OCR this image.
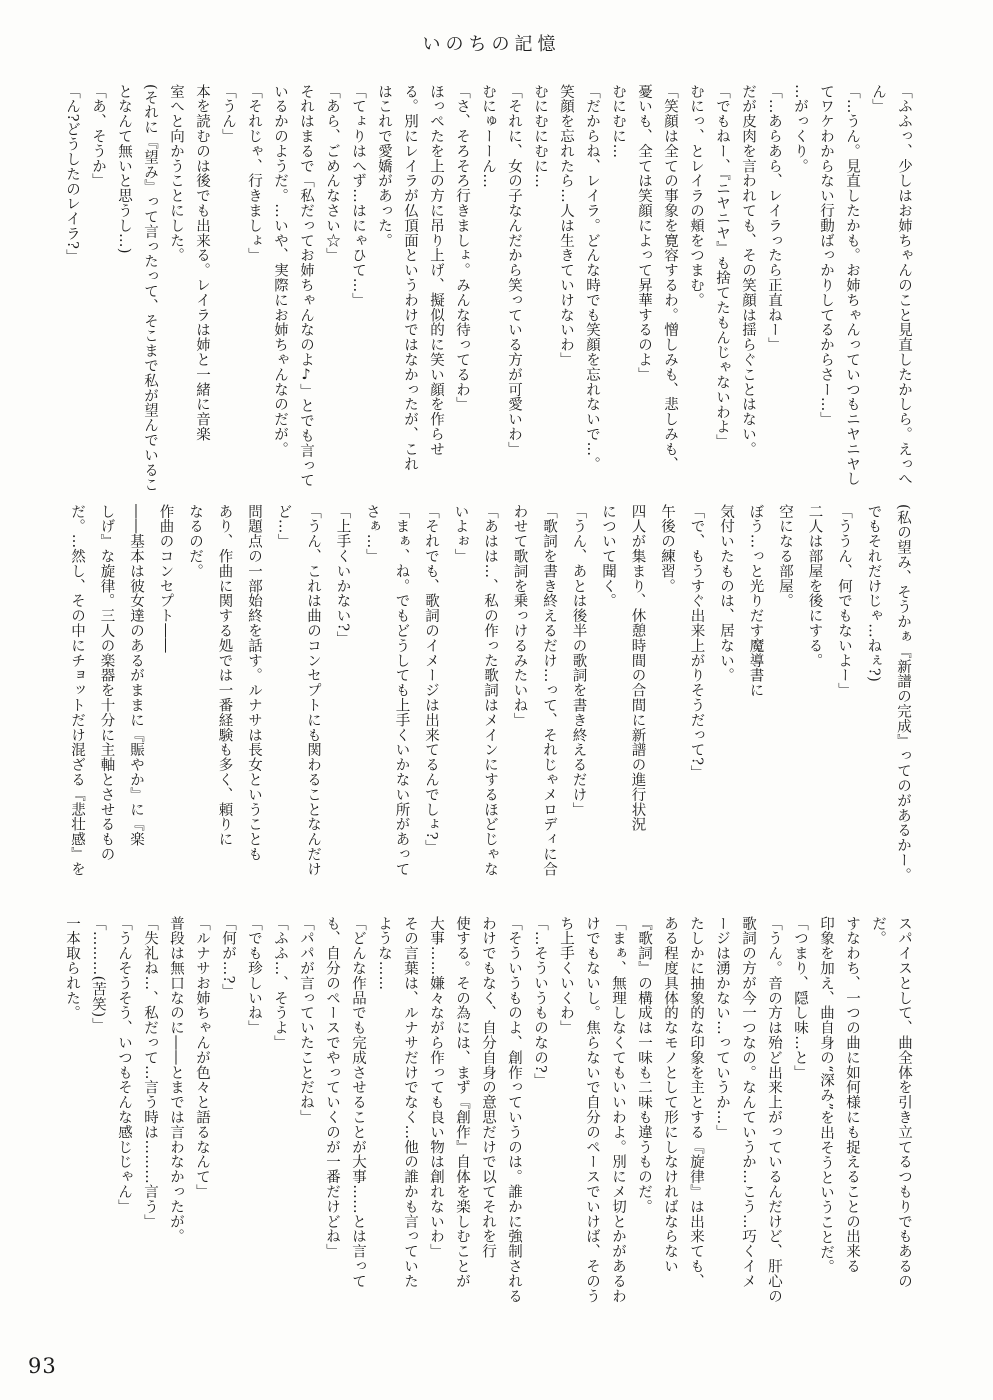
いのちの記憶

「ふふっ、少しはお姉ちゃんのこと見直したかしら。えっへ

ん」

「…うん。見直したかも。お姉ちゃんっていつもニヤニヤし

てワケわからない行動ばっかりしてるからさー…」

…がっくり。

「…あらあら、レイラったら正直ねー」

だが皮肉を言われても、その笑顔は揺らぐことはない。

「でもねー、『ニヤニヤ』も捨てたもんじゃないわよ」

むにっ、とレイラの頬をつまむ。

「笑顔は全ての事象を寛容するわ。憎しみも、悲しみも、

憂いも、全ては笑顔によって昇華するのよ」

むにむに…

「だからね、レイラ。どんな時でも笑顔を忘れないで…。

笑顔を忘れたら…人は生きていけないわ」

むにむにむに…

「それに、女の子なんだから笑っている方が可愛いわ」

むにゅーーん…

「さ、そろそろ行きましょ。みんな待ってるわ」

ほっぺたを上の方に吊り上げ、擬似的に笑い顔を作らせ

る。別にレイラが仏頂面というわけではなかったが、これ

はこれで愛嬌があった。

「てょりはへず…はにゃひて…」

「あら、ごめんなさい☆」

それはまるで「私だってお姉ちゃんなのよ♪」とでも言って

いるかのようだ。…いや、実際にお姉ちゃんなのだが。

「それじゃ、行きましょ」

「うん」

本を読むのは後でも出来る。レイラは姉と一緒に音楽

室へと向かうことにした。

(それに『望み』って言ったって、そこまで私が望んでいるこ

となんて無いと思うし…)

「あ、そうか」

「ん?どうしたのレイラ?」

(私の望み、そうかぁ『新譜の完成』ってのがあるかー。

でもそれだけじゃ…ねぇ?)

「ううん、何でもないよー」

二人は部屋を後にする。

空になる部屋。

ぼう…っと光りだす魔導書に

気付いたものは、居ない。

「で、もうすぐ出来上がりそうだって?」

午後の練習。

四人が集まり、休憩時間の合間に新譜の進行状況

について聞く。

「うん、あとは後半の歌詞を書き終えるだけ」

「歌詞を書き終えるだけ…って、それじゃメロディに合

わせて歌詞を乗っけるみたいね」

「あはは…、私の作った歌詞はメインにするほどじゃな

いよぉ」

「それでも、歌詞のイメージは出来てるんでしょ?」

「まぁ、ね。でもどうしても上手くいかない所があって

さぁ…」

「上手くいかない?」

「うん、これは曲のコンセプトにも関わることなんだけ

ど…」

問題点の一部始終を話す。ルナサは長女ということも

あり、作曲に関する処では一番経験も多く、頼りに

なるのだ。

作曲のコンセプト――

――基本は彼女達のあるがままに『賑やか』に『楽

しげ』な旋律。三人の楽器を十分に主軸とさせるもの

だ。…然し、その中にチョットだけ混ざる『悲壮感』を

スパイスとして、曲全体を引き立てるつもりでもあるの

だ。

すなわち、一つの曲に如何様にも捉えることの出来る

印象を加え、曲自身の“深み”を出そうということだ。

「つまり、隠し味…と」

「うん。音の方は殆ど出来上がっているんだけど、肝心の

歌詞の方が今一つなの。なんていうか…こう…巧くイメ

ージは湧かない…っていうか…」

たしかに抽象的な印象を主とする『旋律』は出来ても、

ある程度具体的なモノとして形にしなければならない

『歌詞』の構成は一味も二味も違うものだ。

「まぁ、無理しなくてもいいわよ。別にメ切とかがあるわ

けでもないし。焦らないで自分のペースでいけば、そのう

ち上手くいくわ」

「…そういうものなの?」

「そういうものよ、創作っていうのは。誰かに強制される

わけでもなく、自分自身の意思だけで以てそれを行

使する。その為には、まず『創作』自体を楽しむことが

大事……嫌々ながら作っても良い物は創れないわ」

その言葉は、ルナサだけでなく…他の誰かも言っていた

ような……

「どんな作品でも完成させることが大事……とは言って

も、自分のペースでやっていくのが一番だけどね」

「パパが言っていたことだね」

「ふふ…、そうよ」

「でも珍しいね」

「何が…?」

「ルナサお姉ちゃんが色々と語るなんて」

普段は無口なのに――とまでは言わなかったが。

「失礼ね…、私だって…言う時は………言う」

「うんそうそう、いつもそんな感じじゃん」

「………(苦笑)」

一本取られた。

93
